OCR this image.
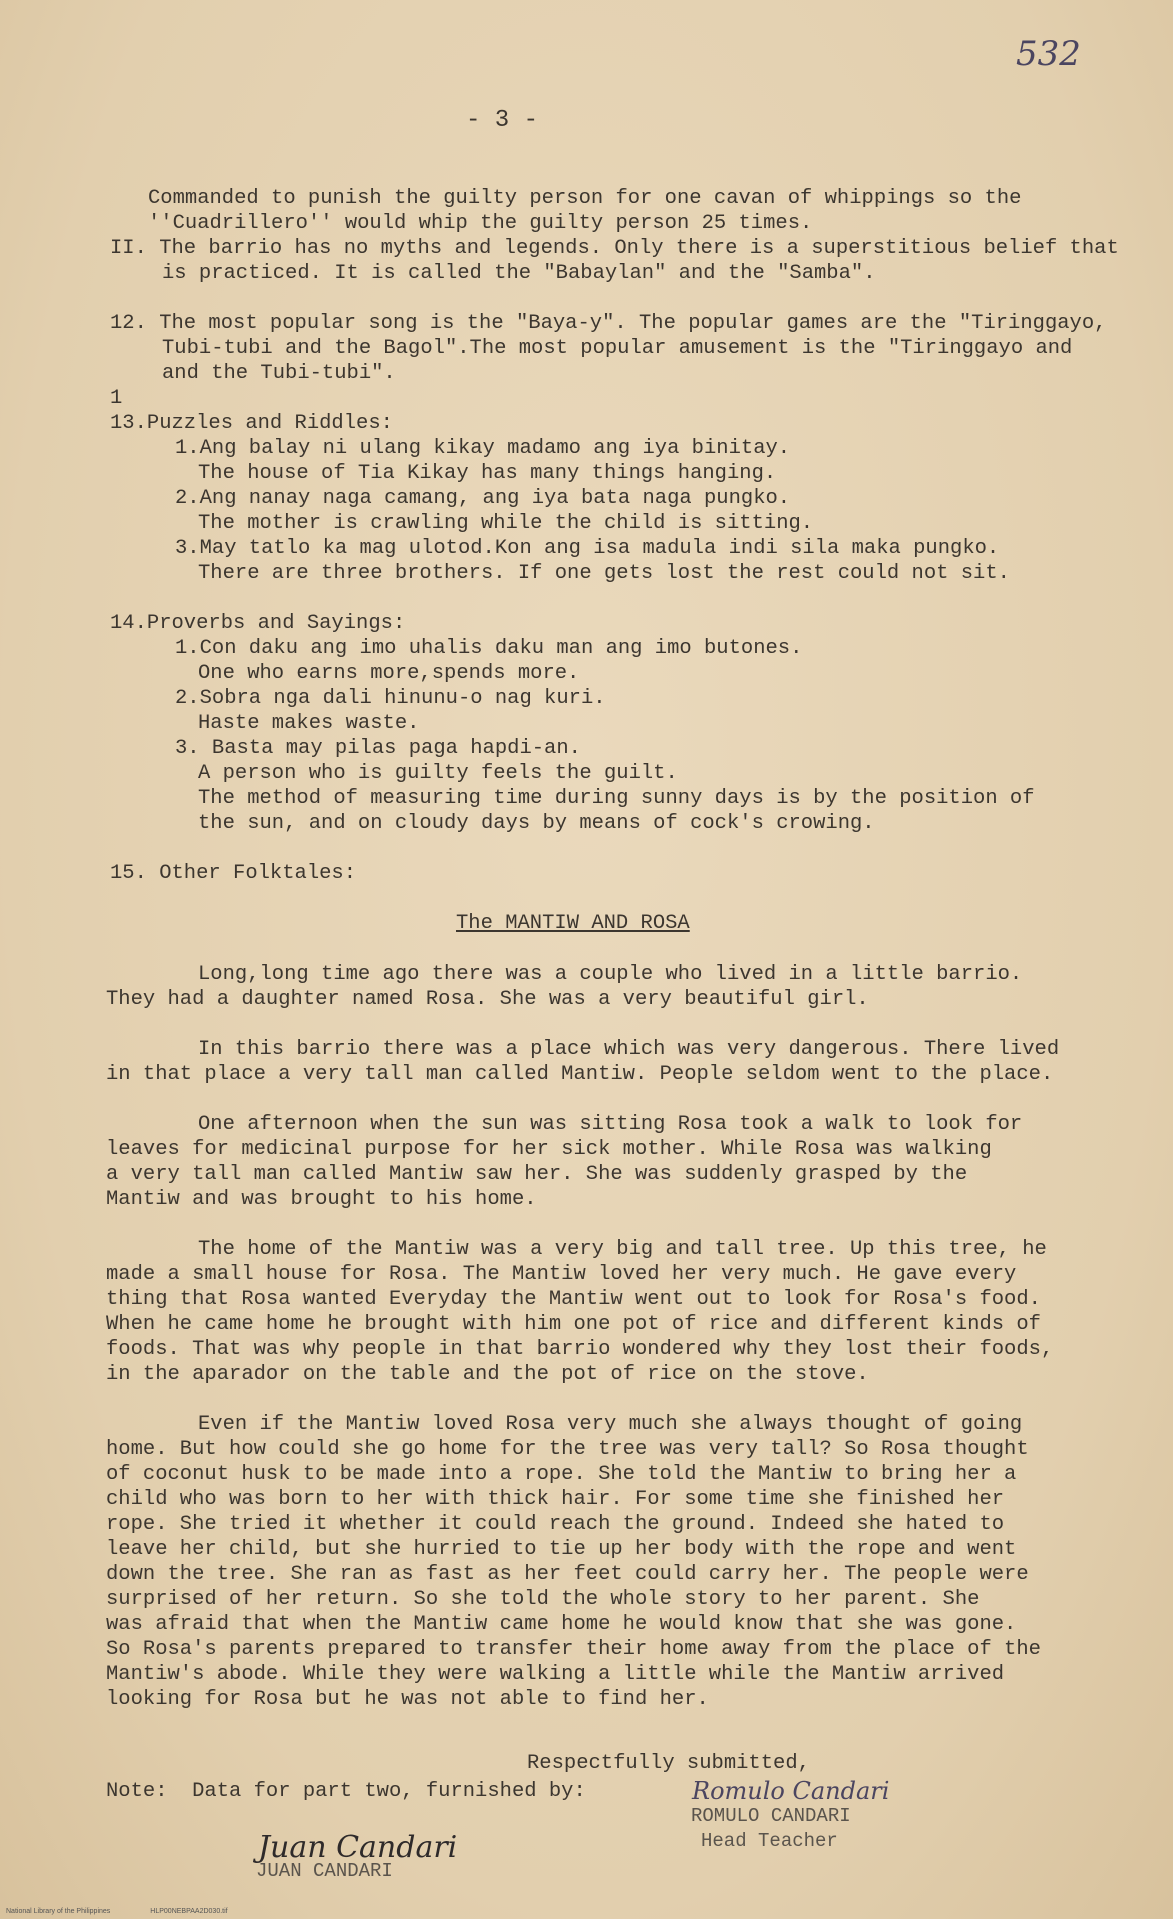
532
- 3 -
Commanded to punish the guilty person for one cavan of whippings so the
''Cuadrillero'' would whip the guilty person 25 times.
II. The barrio has no myths and legends. Only there is a superstitious belief that
is practiced. It is called the "Babaylan" and the "Samba".
12. The most popular song is the "Baya-y". The popular games are the "Tiringgayo,
Tubi-tubi and the Bagol".The most popular amusement is the "Tiringgayo and
and the Tubi-tubi".
1
13.Puzzles and Riddles:
1.Ang balay ni ulang kikay madamo ang iya binitay.
The house of Tia Kikay has many things hanging.
2.Ang nanay naga camang, ang iya bata naga pungko.
The mother is crawling while the child is sitting.
3.May tatlo ka mag ulotod.Kon ang isa madula indi sila maka pungko.
There are three brothers. If one gets lost the rest could not sit.
14.Proverbs and Sayings:
1.Con daku ang imo uhalis daku man ang imo butones.
One who earns more,spends more.
2.Sobra nga dali hinunu-o nag kuri.
Haste makes waste.
3. Basta may pilas paga hapdi-an.
A person who is guilty feels the guilt.
The method of measuring time during sunny days is by the position of
the sun, and on cloudy days by means of cock's crowing.
15. Other Folktales:
The MANTIW AND ROSA
Long,long time ago there was a couple who lived in a little barrio.
They had a daughter named Rosa. She was a very beautiful girl.
In this barrio there was a place which was very dangerous. There lived
in that place a very tall man called Mantiw. People seldom went to the place.
One afternoon when the sun was sitting Rosa took a walk to look for
leaves for medicinal purpose for her sick mother. While Rosa was walking
a very tall man called Mantiw saw her. She was suddenly grasped by the
Mantiw and was brought to his home.
The home of the Mantiw was a very big and tall tree. Up this tree, he
made a small house for Rosa. The Mantiw loved her very much. He gave every
thing that Rosa wanted Everyday the Mantiw went out to look for Rosa's food.
When he came home he brought with him one pot of rice and different kinds of
foods. That was why people in that barrio wondered why they lost their foods,
in the aparador on the table and the pot of rice on the stove.
Even if the Mantiw loved Rosa very much she always thought of going
home. But how could she go home for the tree was very tall? So Rosa thought
of coconut husk to be made into a rope. She told the Mantiw to bring her a
child who was born to her with thick hair. For some time she finished her
rope. She tried it whether it could reach the ground. Indeed she hated to
leave her child, but she hurried to tie up her body with the rope and went
down the tree. She ran as fast as her feet could carry her. The people were
surprised of her return. So she told the whole story to her parent. She
was afraid that when the Mantiw came home he would know that she was gone.
So Rosa's parents prepared to transfer their home away from the place of the
Mantiw's abode. While they were walking a little while the Mantiw arrived
looking for Rosa but he was not able to find her.
Respectfully submitted,
Note:  Data for part two, furnished by:	Romulo Candari
ROMULO CANDARI
Head Teacher
Juan Candari
JUAN CANDARI
National Library of the Philippines	HLP00NEBPAA2D030.tif
